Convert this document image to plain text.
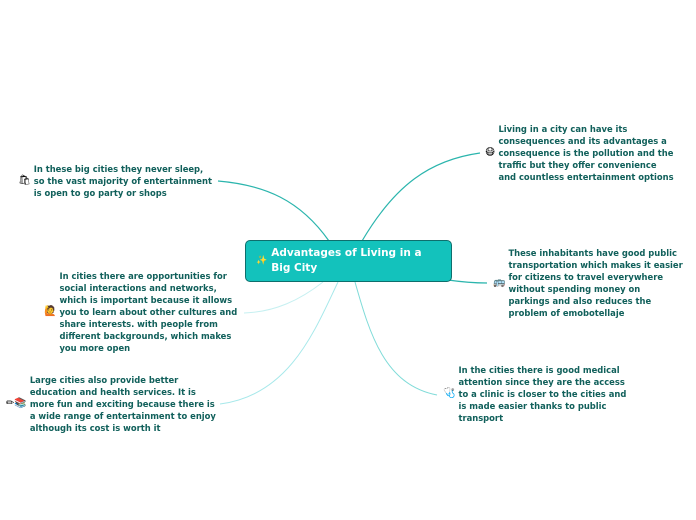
✨
Advantages of Living in a Big City
😷
Living in a city can have its consequences and its advantages a consequence is the pollution and the traffic but they offer convenience and countless entertainment options
🚌
These inhabitants have good public transportation which makes it easier for citizens to travel everywhere without spending money on parkings and also reduces the problem of emobotellaje
🩺
In the cities there is good medical attention since they are the access to a clinic is closer to the cities and is made easier thanks to public transport
🛍
In these big cities they never sleep, so the vast majority of entertainment is open to go party or shops
🙋
In cities there are opportunities for social interactions and networks, which is important because it allows you to learn about other cultures and share interests. with people from different backgrounds, which makes you more open
✏📚
Large cities also provide better education and health services. It is more fun and exciting because there is a wide range of entertainment to enjoy although its cost is worth it
